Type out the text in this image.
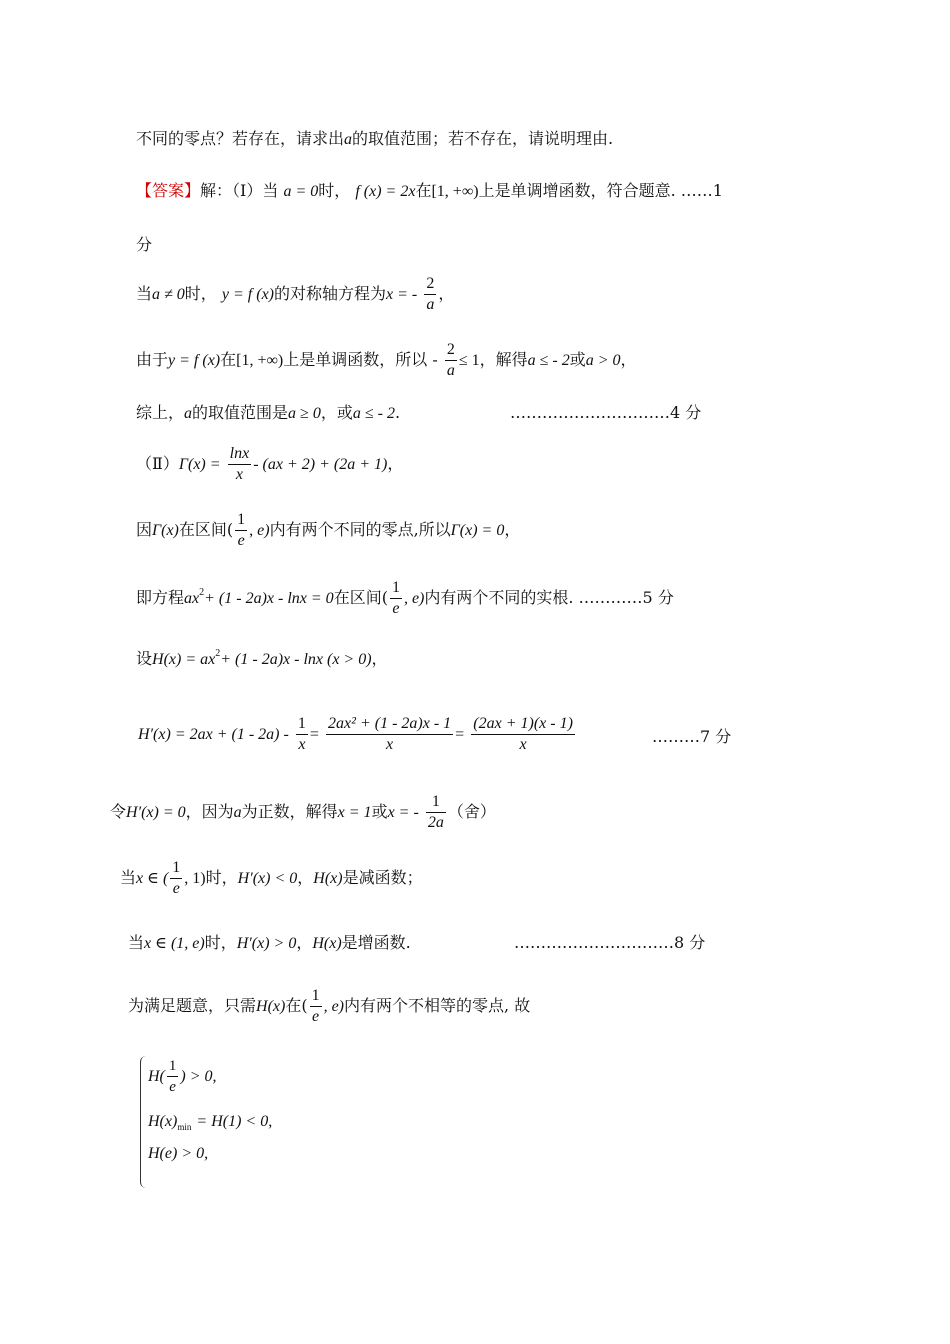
不同的零点？若存在，请求出a的取值范围；若不存在，请说明理由.
【答案】解：（Ⅰ）当 a = 0时， f (x) = 2x在[1, +∞)上是单调增函数，符合题意. ……1
分
当a ≠ 0时， y = f (x)的对称轴方程为x = - $\frac{2}{a}$ ，
由于y = f (x)在[1, +∞)上是单调函数，所以 - $\frac{2}{a} \le 1$，解得a ≤ - 2或a > 0，
综上，a的取值范围是a ≥ 0，或a ≤ - 2.	…………………………4 分
（Ⅱ）Γ(x) = $\frac{\ln x}{x} - (ax + 2) + (2a + 1)$，
因Γ(x)在区间( $\frac{1}{e}$ , e)内有两个不同的零点,所以Γ(x) = 0，
即方程$ax^2+ (1 - 2a)x - \ln x = 0$在区间( $\frac{1}{e}$ , e)内有两个不同的实根. …………5 分
设$H(x) = ax^2+ (1 - 2a)x - \ln x$ (x > 0)，
$H'(x) = 2ax + (1 - 2a) - \frac{1}{x} = \frac{\text{2ax² + (1 - 2a)x - 1}}{x} = \frac{(2ax + 1)(x - 1)}{x}$	………7 分
令H′(x) = 0，因为a为正数，解得x = 1或x = - $\frac{1}{2a}$ （舍）
当x ∈ ( $\frac{1}{e}$ , 1)时，H′(x) < 0，H(x)是减函数；
当x ∈ (1, e)时，H′(x) > 0，H(x)是增函数.	…………………………8 分
为满足题意，只需H(x)在( $\frac{1}{e}$ , e)内有两个不相等的零点, 故
$H( \frac{1}{e}$ ) > 0,
$H(x)_{min} = H(1) < 0$,
H(e) > 0,
